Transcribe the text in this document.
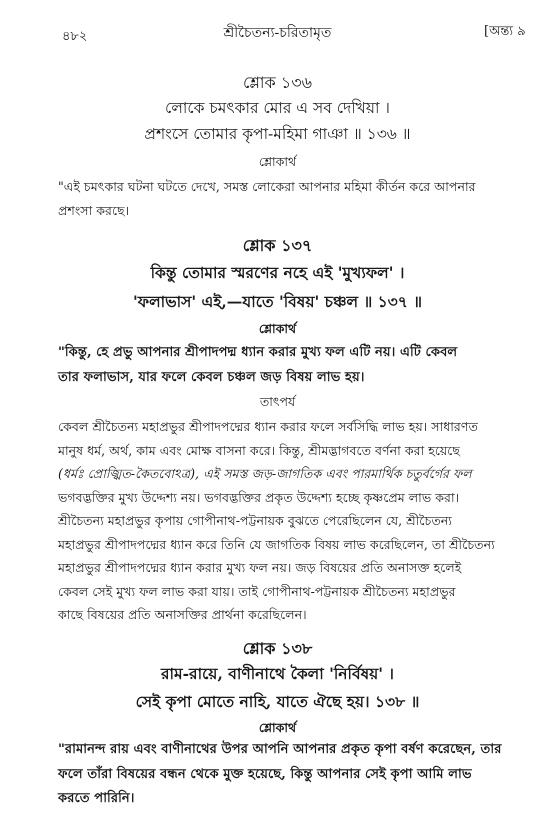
৪৮২	শ্রীচৈতন্য-চরিতামৃত	[অন্ত্য ৯
শ্লোক ১৩৬
লোকে চমৎকার মোর এ সব দেখিয়া ।
প্রশংসে তোমার কৃপা-মহিমা গাঞা ॥ ১৩৬ ॥
শ্লোকার্থ
"এই চমৎকার ঘটনা ঘটতে দেখে, সমস্ত লোকেরা আপনার মহিমা কীর্তন করে আপনার
প্রশংসা করছে।
শ্লোক ১৩৭
কিন্তু তোমার স্মরণের নহে এই 'মুখ্যফল' ।
'ফলাভাস' এই,—যাতে 'বিষয়' চঞ্চল ॥ ১৩৭ ॥
শ্লোকার্থ
"কিন্তু, হে প্রভু আপনার শ্রীপাদপদ্ম ধ্যান করার মুখ্য ফল এটি নয়। এটি কেবল
তার ফলাভাস, যার ফলে কেবল চঞ্চল জড় বিষয় লাভ হয়।
তাৎপর্য
কেবল শ্রীচৈতন্য মহাপ্রভুর শ্রীপাদপদ্মের ধ্যান করার ফলে সর্বসিদ্ধি লাভ হয়। সাধারণত
মানুষ ধর্ম, অর্থ, কাম এবং মোক্ষ বাসনা করে। কিন্তু, শ্রীমদ্ভাগবতে বর্ণনা করা হয়েছে
(ধর্মঃ প্রোজ্ঝিত-কৈতবোঽত্র), এই সমস্ত জড়-জাগতিক এবং পারমার্থিক চতুর্বর্গের ফল
ভগবদ্ভক্তির মুখ্য উদ্দেশ্য নয়। ভগবদ্ভক্তির প্রকৃত উদ্দেশ্য হচ্ছে কৃষ্ণপ্রেম লাভ করা।
শ্রীচৈতন্য মহাপ্রভুর কৃপায় গোপীনাথ-পট্টনায়ক বুঝতে পেরেছিলেন যে, শ্রীচৈতন্য
মহাপ্রভুর শ্রীপাদপদ্মের ধ্যান করে তিনি যে জাগতিক বিষয় লাভ করেছিলেন, তা শ্রীচৈতন্য
মহাপ্রভুর শ্রীপাদপদ্মের ধ্যান করার মুখ্য ফল নয়। জড় বিষয়ের প্রতি অনাসক্ত হলেই
কেবল সেই মুখ্য ফল লাভ করা যায়। তাই গোপীনাথ-পট্টনায়ক শ্রীচৈতন্য মহাপ্রভুর
কাছে বিষয়ের প্রতি অনাসক্তির প্রার্থনা করেছিলেন।
শ্লোক ১৩৮
রাম-রায়ে, বাণীনাথে কৈলা 'নির্বিষয়' ।
সেই কৃপা মোতে নাহি, যাতে ঐছে হয়। ১৩৮ ॥
শ্লোকার্থ
"রামানন্দ রায় এবং বাণীনাথের উপর আপনি আপনার প্রকৃত কৃপা বর্ষণ করেছেন, তার
ফলে তাঁরা বিষয়ের বন্ধন থেকে মুক্ত হয়েছে, কিন্তু আপনার সেই কৃপা আমি লাভ
করতে পারিনি।
